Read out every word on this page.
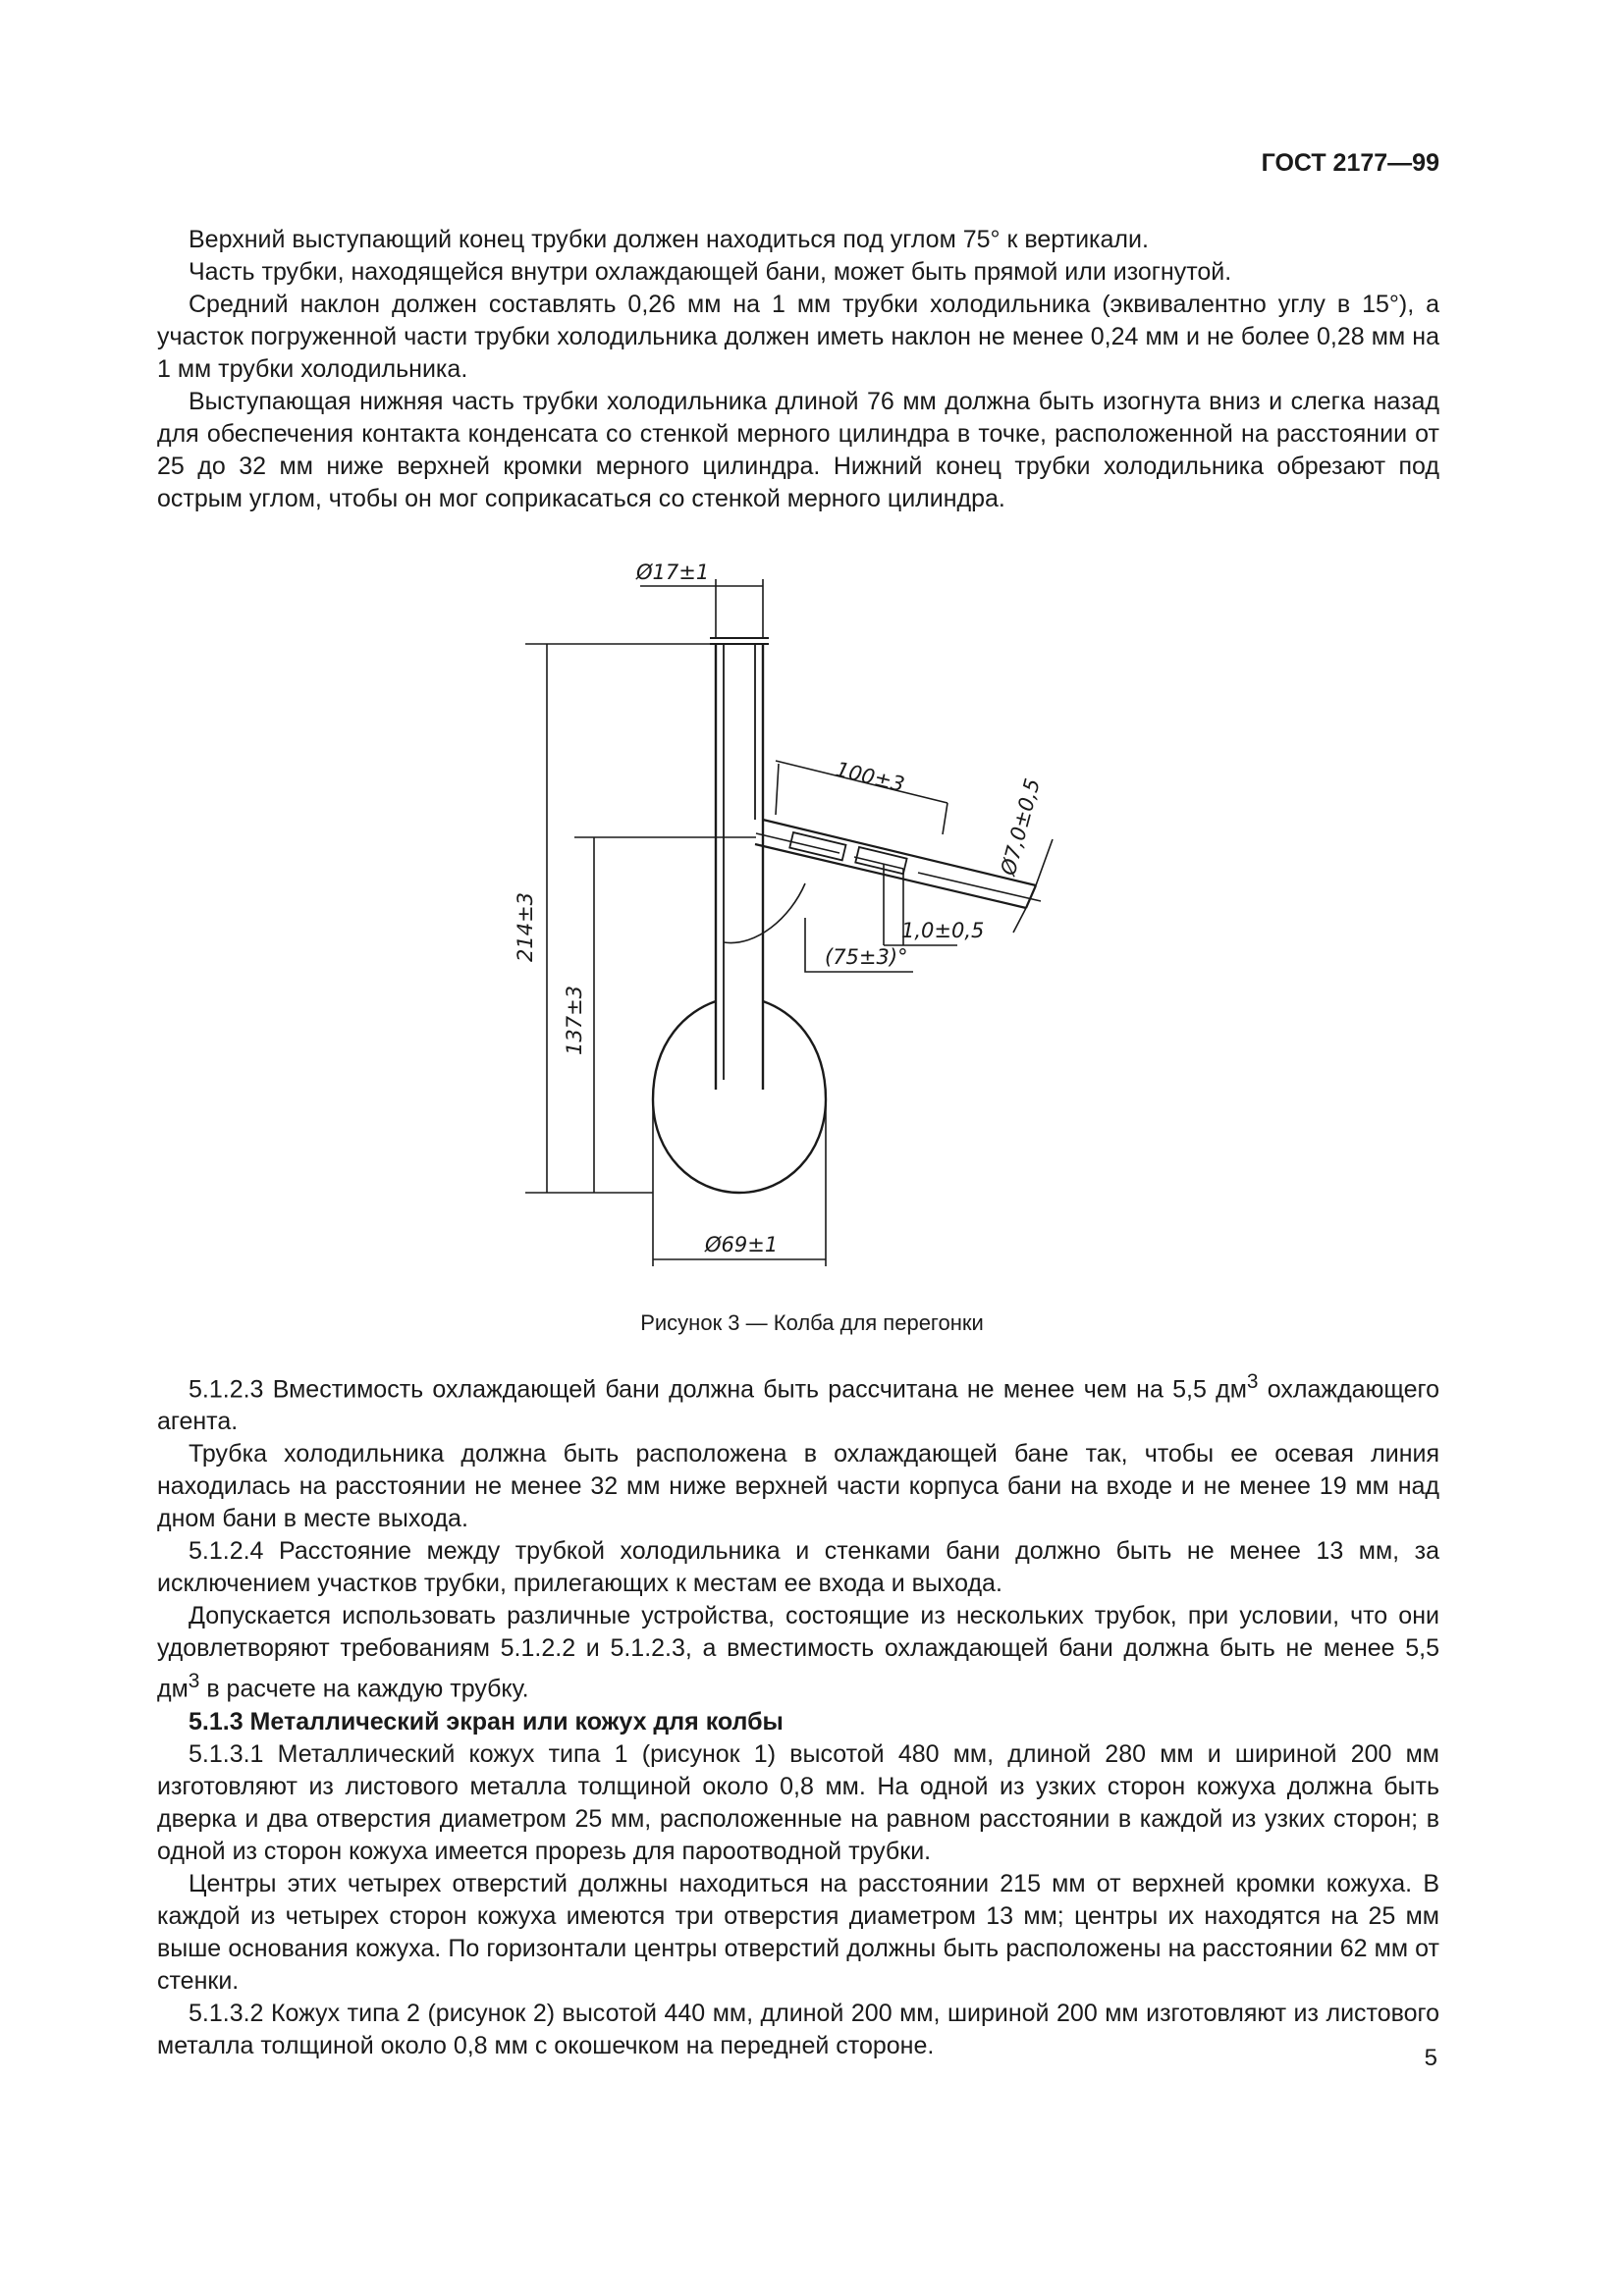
ГОСТ 2177—99

Верхний выступающий конец трубки должен находиться под углом 75° к вертикали.

Часть трубки, находящейся внутри охлаждающей бани, может быть прямой или изогнутой.

Средний наклон должен составлять 0,26 мм на 1 мм трубки холодильника (эквивалентно углу в 15°), а участок погруженной части трубки холодильника должен иметь наклон не менее 0,24 мм и не более 0,28 мм на 1 мм трубки холодильника.

Выступающая нижняя часть трубки холодильника длиной 76 мм должна быть изогнута вниз и слегка назад для обеспечения контакта конденсата со стенкой мерного цилиндра в точке, расположенной на расстоянии от 25 до 32 мм ниже верхней кромки мерного цилиндра. Нижний конец трубки холодильника обрезают под острым углом, чтобы он мог соприкасаться со стенкой мерного цилиндра.

Ø17±1
214±3
137±3
Ø69±1
100±3	Ø7,0±0,5
1,0±0,5
(75±3)°
Рисунок 3 — Колба для перегонки

5.1.2.3 Вместимость охлаждающей бани должна быть рассчитана не менее чем на 5,5 $дм^3$ охлаждающего агента.

Трубка холодильника должна быть расположена в охлаждающей бане так, чтобы ее осевая линия находилась на расстоянии не менее 32 мм ниже верхней части корпуса бани на входе и не менее 19 мм над дном бани в месте выхода.

5.1.2.4 Расстояние между трубкой холодильника и стенками бани должно быть не менее 13 мм, за исключением участков трубки, прилегающих к местам ее входа и выхода.

Допускается использовать различные устройства, состоящие из нескольких трубок, при условии, что они удовлетворяют требованиям 5.1.2.2 и 5.1.2.3, а вместимость охлаждающей бани должна быть не менее 5,5 $дм^3$ в расчете на каждую трубку.

5.1.3 Металлический экран или кожух для колбы

5.1.3.1 Металлический кожух типа 1 (рисунок 1) высотой 480 мм, длиной 280 мм и шириной 200 мм изготовляют из листового металла толщиной около 0,8 мм. На одной из узких сторон кожуха должна быть дверка и два отверстия диаметром 25 мм, расположенные на равном расстоянии в каждой из узких сторон; в одной из сторон кожуха имеется прорезь для пароотводной трубки.

Центры этих четырех отверстий должны находиться на расстоянии 215 мм от верхней кромки кожуха. В каждой из четырех сторон кожуха имеются три отверстия диаметром 13 мм; центры их находятся на 25 мм выше основания кожуха. По горизонтали центры отверстий должны быть расположены на расстоянии 62 мм от стенки.

5.1.3.2 Кожух типа 2 (рисунок 2) высотой 440 мм, длиной 200 мм, шириной 200 мм изготовляют из листового металла толщиной около 0,8 мм с окошечком на передней стороне.	5
